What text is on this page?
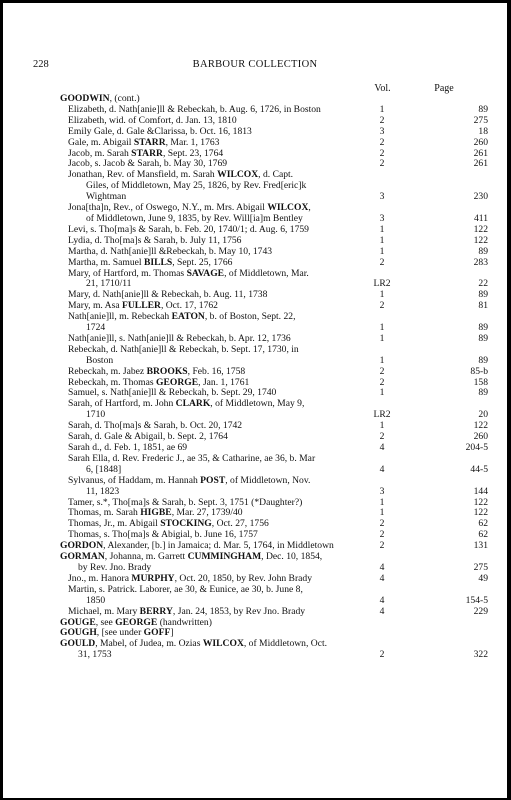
228	BARBOUR COLLECTION
Vol.	Page
GOODWIN, (cont.)
Elizabeth, d. Nath[anie]ll & Rebeckah, b. Aug. 6, 1726, in Boston	1	89
Elizabeth, wid. of Comfort, d. Jan. 13, 1810	2	275
Emily Gale, d. Gale &Clarissa, b. Oct. 16, 1813	3	18
Gale, m. Abigail STARR, Mar. 1, 1763	2	260
Jacob, m. Sarah STARR, Sept. 23, 1764	2	261
Jacob, s. Jacob & Sarah, b. May 30, 1769	2	261
Jonathan, Rev. of Mansfield, m. Sarah WILCOX, d. Capt.
Giles, of Middletown, May 25, 1826, by Rev. Fred[eric]k
Wightman	3	230
Jona[tha]n, Rev., of Oswego, N.Y., m. Mrs. Abigail WILCOX,
of Middletown, June 9, 1835, by Rev. Will[ia]m Bentley	3	411
Levi, s. Tho[ma]s & Sarah, b. Feb. 20, 1740/1; d. Aug. 6, 1759	1	122
Lydia, d. Tho[ma]s & Sarah, b. July 11, 1756	1	122
Martha, d. Nath[anie]ll &Rebeckah, b. May 10, 1743	1	89
Martha, m. Samuel BILLS, Sept. 25, 1766	2	283
Mary, of Hartford, m. Thomas SAVAGE, of Middletown, Mar.
21, 1710/11	LR2	22
Mary, d. Nath[anie]ll & Rebeckah, b. Aug. 11, 1738	1	89
Mary, m. Asa FULLER, Oct. 17, 1762	2	81
Nath[anie]ll, m. Rebeckah EATON, b. of Boston, Sept. 22,
1724	1	89
Nath[anie]ll, s. Nath[anie]ll & Rebeckah, b. Apr. 12, 1736	1	89
Rebeckah, d. Nath[anie]ll & Rebeckah, b. Sept. 17, 1730, in
Boston	1	89
Rebeckah, m. Jabez BROOKS, Feb. 16, 1758	2	85-b
Rebeckah, m. Thomas GEORGE, Jan. 1, 1761	2	158
Samuel, s. Nath[anie]ll & Rebeckah, b. Sept. 29, 1740	1	89
Sarah, of Hartford, m. John CLARK, of Middletown, May 9,
1710	LR2	20
Sarah, d. Tho[ma]s & Sarah, b. Oct. 20, 1742	1	122
Sarah, d. Gale & Abigail, b. Sept. 2, 1764	2	260
Sarah d., d. Feb. 1, 1851, ae 69	4	204-5
Sarah Ella, d. Rev. Frederic J., ae 35, & Catharine, ae 36, b. Mar
6, [1848]	4	44-5
Sylvanus, of Haddam, m. Hannah POST, of Middletown, Nov.
11, 1823	3	144
Tamer, s.*, Tho[ma]s & Sarah, b. Sept. 3, 1751 (*Daughter?)	1	122
Thomas, m. Sarah HIGBE, Mar. 27, 1739/40	1	122
Thomas, Jr., m. Abigail STOCKING, Oct. 27, 1756	2	62
Thomas, s. Tho[ma]s & Abigial, b. June 16, 1757	2	62
GORDON, Alexander, [b.] in Jamaica; d. Mar. 5, 1764, in Middletown	2	131
GORMAN, Johanna, m. Garrett CUMMINGHAM, Dec. 10, 1854,
by Rev. Jno. Brady	4	275
Jno., m. Hanora MURPHY, Oct. 20, 1850, by Rev. John Brady	4	49
Martin, s. Patrick. Laborer, ae 30, & Eunice, ae 30, b. June 8,
1850	4	154-5
Michael, m. Mary BERRY, Jan. 24, 1853, by Rev Jno. Brady	4	229
GOUGE, see GEORGE (handwritten)
GOUGH, [see under GOFF]
GOULD, Mabel, of Judea, m. Ozias WILCOX, of Middletown, Oct.
31, 1753	2	322
